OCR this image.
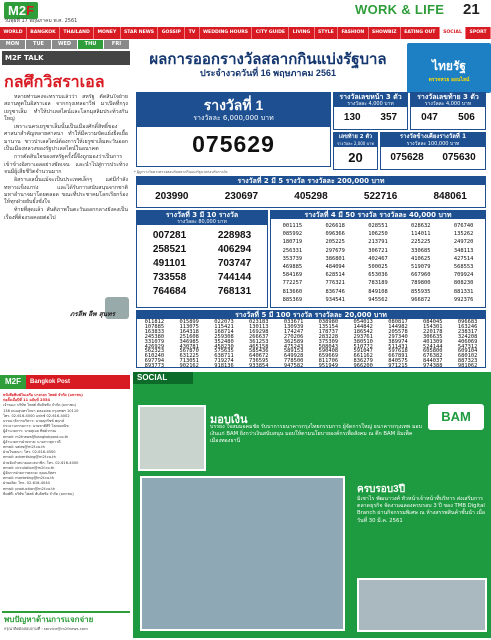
M2F
วันพุธที่ 17 พฤษภาคม พ.ศ. 2561
WORK & LIFE 21
WORLD	BANGKOK	THAILAND	MONEY	STAR NEWS	GOSSIP	TV	WEDDING HOURS	CITY GUIDE	LIVING	STYLE	FASHION	SHOWBIZ	EATING OUT	SOCIAL	SPORT
MON	TUE	WED	THU	FRI
M2F TALK
กลศึกวิสราเอล

หลายท่านคงจะทราบแล้วว่า สหรัฐ ตัดสินใจย้ายสถานทูตในอิสราเอล จากกรุงเทลอาวีฟ มาเปิดที่กรุงเยรูซาเล็ม ทำให้ปาเลสไตน์และโลกมุสลิมประท้วงกันใหญ่

เพราะนครเยรูซาเล็มนั้นเป็นเมืองศักดิ์สิทธิ์ของศาสนาสำคัญหลายศาสนา ทำให้มีความขัดแย้งยืดเยื้อมานาน ชาวปาเลสไตน์ต้องการให้เยรูซาเล็มตะวันออกเป็นเมืองหลวงของรัฐปาเลสไตน์ในอนาคต

การตัดสินใจของสหรัฐครั้งนี้จึงถูกมองว่าเป็นการเข้าข้างอิสราเอลอย่างชัดเจน และนำไปสู่การประท้วงจนมีผู้เสียชีวิตจำนวนมาก

อิสราเอลนั้นแม้จะเป็นประเทศเล็กๆ แต่มีกำลังทหารแข็งแกร่ง และได้รับการสนับสนุนจากชาติมหาอำนาจมาโดยตลอด ขณะที่ประชาคมโลกเรียกร้องให้ทุกฝ่ายยับยั้งชั่งใจ

ท้ายที่สุดแล้ว สันติภาพในตะวันออกกลางยังคงเป็นเรื่องที่ต้องรอคอยต่อไป

ภรลีพ ลีพ สุนทร
ผลการออกรางวัลสลากกินแบ่งรัฐบาล
ประจำงวดวันที่ 16 พฤษภาคม 2561	ไทยรัฐ
ตรวจหวย ออนไลน์
รางวัลที่ 1
รางวัลละ 6,000,000 บาท
075629
* ผู้ถูกรางวัลควรตรวจสอบกับสลากกินแบ่งรัฐบาลก่อนรับรางวัล
รางวัลเลขหน้า 3 ตัว
รางวัลละ 4,000 บาท
130	357
รางวัลเลขท้าย 3 ตัว
รางวัลละ 4,000 บาท
047	506
เลขท้าย 2 ตัว
รางวัลละ 2,000 บาท
20
รางวัลข้างเคียงรางวัลที่ 1
รางวัลละ 100,000 บาท
075628	075630
รางวัลที่ 2 มี 5 รางวัล รางวัลละ 200,000 บาท
203990	230697	405298	522716	848061
รางวัลที่ 3 มี 10 รางวัล
รางวัลละ 80,000 บาท
007281	228983
258521	406294
491101	703747
733558	744144
764684	768131
รางวัลที่ 4 มี 50 รางวัล รางวัลละ 40,000 บาท
001115	026618	028551	028632	076740
085992	096366	106250	114011	135262
180719	205225	213791	225225	249720
256331	297679	306721	330685	348113
353739	386801	402467	410625	427514
469885	484094	500025	519079	568553
584169	628514	653036	667960	709924
772257	776321	783189	789800	808230
813660	836746	849108	855935	881331
885369	934541	945562	966872	992376
รางวัลที่ 5 มี 100 รางวัล รางวัลละ 20,000 บาท
011812	015899	022073	023183	033671	038980	054013	080817	084045	096683
107885	113075	115421	130113	130939	135154	144842	144982	154301	163246
163833	164318	168714	169298	174247	178737	186542	205578	220178	238317
245380	251608	259308	266637	270206	283228	293761	297340	306635	324208
331079	346985	352480	361253	362589	375309	380510	389974	401309	406069
426929	430781	458230	465158	475243	508043	510772	511431	524144	547312
562323	567870	575635	585436	589153	590408	591047	597618	605800	609104
610240	631225	638711	640672	649928	659669	661162	667891	676382	680102
697794	713051	719274	736595	778500	811706	836279	840575	844037	887323
893773	902162	918136	933854	947582	951949	966200	971215	974388	981062
M2F	Bangkok Post
หนังสือพิมพ์ในเครือ บางกอก โพสต์ จำกัด (มหาชน)
ก่อตั้งเมื่อปีที่ 11 ฉบับที่ 2554
เจ้าของ: บริษัท โพสต์ พับลิชชิง จำกัด (มหาชน)
136 ถนนสุนทรโกษา คลองเตย กรุงเทพฯ 10110
โทร. 02-616-4000 แฟกซ์ 02-616-4002
บรรณาธิการบริหาร: นายศุภรัชช์ พฤกษ์
ประธานกรรมการ: นายชาติศิริ โสภณพนิช
ผู้อำนวยการ: นายสุเมธ ทิพย์วรรณ
email: m2fnews@bangkokpost.co.th
ผู้อำนวยการฝ่ายขาย: นางสาวสุภาวดี
email: sales@m2f.co.th
ฝ่ายโฆษณา: โทร. 02-616-4500
email: advertising@m2f.co.th
ฝ่ายจัดจำหน่ายและสมาชิก: โทร. 02-616-4000
email: circulation@m2f.co.th
ผู้จัดการฝ่ายการตลาด: คุณนภัสสร
email: marketing@m2f.co.th
ฝ่ายผลิต: โทร. 02-616-4040
email: production@m2f.co.th
พิมพ์ที่: บริษัท โพสต์ พับลิชชิง จำกัด (มหาชน)
พบปัญหาด้านการแจกจ่าย
กรุณาติดต่อสอบถามที่ : service@m2fnews.com
SOCIAL
มอบเงิน
บรรยง ใจสมมอคมชัย รับบาการธนาคารกรุงไทยกรรมการ ผู้จัดการใหญ่ ธนาคารกรุงเทพ มอบเงินแก่ BAM ยิ่งกว่าเงินสนับสนุน มอบให้ตามนโยบายองค์กรเพื่อสังคม ณ ตึก BAM อิมเพ็ค เมืองทองธานี
BAM
ครบรอบ3ปี
มิเชาไร พัฒนาวงศ์ หัวหน้าเจ้าหน้าที่บริหาร ส่งเสริมการตลาดธุรกิจ จัดงานฉลองครบรอบ 3 ปี ของ TMB Digital Branch ผ่านกิจกรรมพิเศษ ณ ห้างสรรพสินค้าชั้นนำ เมื่อวันที่ 30 มี.ค. 2561
